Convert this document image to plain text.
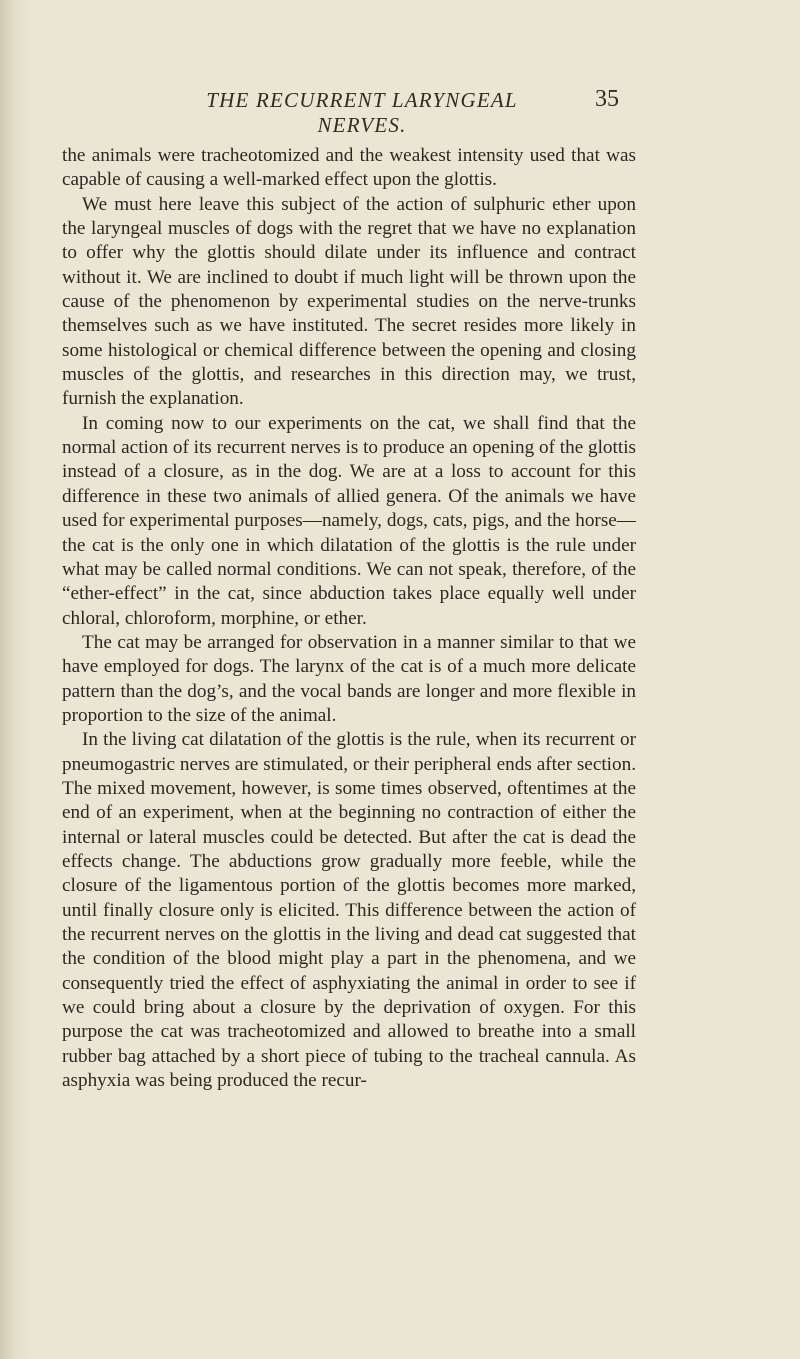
THE RECURRENT LARYNGEAL NERVES.
35

the animals were tracheotomized and the weakest intensity used that was capable of causing a well-marked effect upon the glottis.

We must here leave this subject of the action of sulphuric ether upon the laryngeal muscles of dogs with the regret that we have no explanation to offer why the glottis should dilate under its influence and contract without it. We are inclined to doubt if much light will be thrown upon the cause of the phenomenon by experimental studies on the nerve-trunks themselves such as we have instituted. The secret resides more likely in some histological or chemical difference between the opening and closing muscles of the glottis, and researches in this direction may, we trust, furnish the explanation.

In coming now to our experiments on the cat, we shall find that the normal action of its recurrent nerves is to produce an opening of the glottis instead of a closure, as in the dog. We are at a loss to account for this difference in these two animals of allied genera. Of the animals we have used for experimental purposes—namely, dogs, cats, pigs, and the horse—the cat is the only one in which dilatation of the glottis is the rule under what may be called normal conditions. We can not speak, therefore, of the “ether-effect” in the cat, since abduction takes place equally well under chloral, chloroform, morphine, or ether.

The cat may be arranged for observation in a manner similar to that we have employed for dogs. The larynx of the cat is of a much more delicate pattern than the dog’s, and the vocal bands are longer and more flexible in proportion to the size of the animal.

In the living cat dilatation of the glottis is the rule, when its recurrent or pneumogastric nerves are stimulated, or their peripheral ends after section. The mixed movement, however, is some times observed, oftentimes at the end of an experiment, when at the beginning no contraction of either the internal or lateral muscles could be detected. But after the cat is dead the effects change. The abductions grow gradually more feeble, while the closure of the ligamentous portion of the glottis becomes more marked, until finally closure only is elicited. This difference between the action of the recurrent nerves on the glottis in the living and dead cat suggested that the condition of the blood might play a part in the phenomena, and we consequently tried the effect of asphyxiating the animal in order to see if we could bring about a closure by the deprivation of oxygen. For this purpose the cat was tracheotomized and allowed to breathe into a small rubber bag attached by a short piece of tubing to the tracheal cannula. As asphyxia was being produced the recur-
